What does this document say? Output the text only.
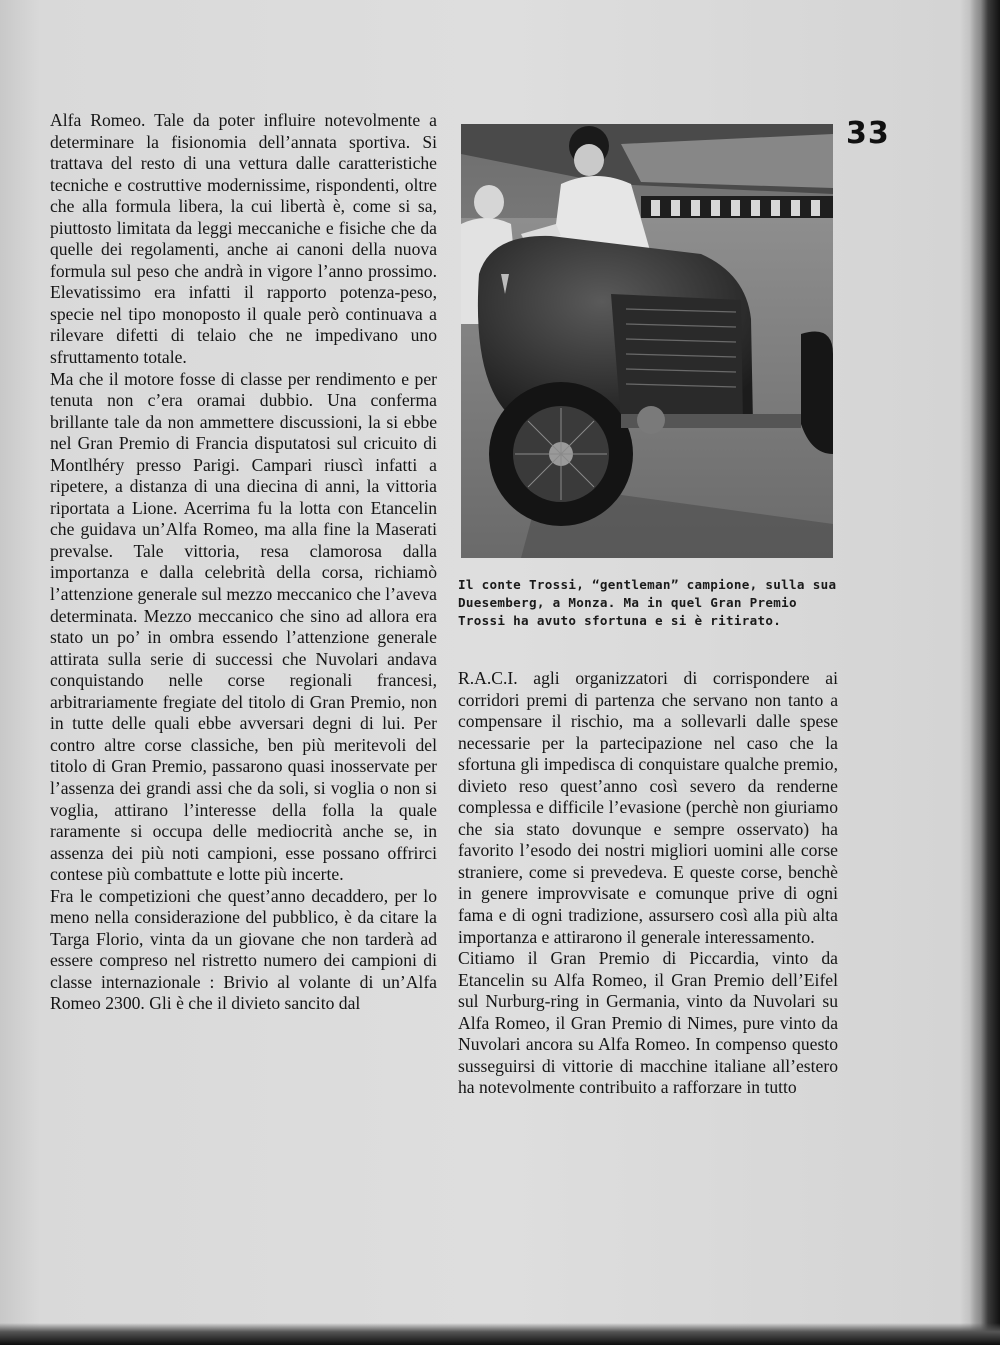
33

Alfa Romeo. Tale da poter influire notevolmente a determinare la fisionomia dell’annata sportiva. Si trattava del resto di una vettura dalle caratteristiche tecniche e costruttive modernissime, rispondenti, oltre che alla formula libera, la cui libertà è, come si sa, piuttosto limitata da leggi meccaniche e fisiche che da quelle dei regolamenti, anche ai canoni della nuova formula sul peso che andrà in vigore l’anno prossimo. Elevatissimo era infatti il rapporto potenza-peso, specie nel tipo monoposto il quale però continuava a rilevare difetti di telaio che ne impedivano uno sfruttamento totale.

Ma che il motore fosse di classe per rendimento e per tenuta non c’era oramai dubbio. Una conferma brillante tale da non ammettere discussioni, la si ebbe nel Gran Premio di Francia disputatosi sul cricuito di Montlhéry presso Parigi. Campari riuscì infatti a ripetere, a distanza di una diecina di anni, la vittoria riportata a Lione. Acerrima fu la lotta con Etancelin che guidava un’Alfa Romeo, ma alla fine la Maserati prevalse. Tale vittoria, resa clamorosa dalla importanza e dalla celebrità della corsa, richiamò l’attenzione generale sul mezzo meccanico che l’aveva determinata. Mezzo meccanico che sino ad allora era stato un po’ in ombra essendo l’attenzione generale attirata sulla serie di successi che Nuvolari andava conquistando nelle corse regionali francesi, arbitrariamente fregiate del titolo di Gran Premio, non in tutte delle quali ebbe avversari degni di lui. Per contro altre corse classiche, ben più meritevoli del titolo di Gran Premio, passarono quasi inosservate per l’assenza dei grandi assi che da soli, si voglia o non si voglia, attirano l’interesse della folla la quale raramente si occupa delle mediocrità anche se, in assenza dei più noti campioni, esse possano offrirci contese più combattute e lotte più incerte.

Fra le competizioni che quest’anno decaddero, per lo meno nella considerazione del pubblico, è da citare la Targa Florio, vinta da un giovane che non tarderà ad essere compreso nel ristretto numero dei campioni di classe internazionale : Brivio al volante di un’Alfa Romeo 2300. Gli è che il divieto sancito dal

Il conte Trossi, “gentleman” campione, sulla sua Duesemberg, a Monza. Ma in quel Gran Premio Trossi ha avuto sfortuna e si è ritirato.

R.A.C.I. agli organizzatori di corrispondere ai corridori premi di partenza che servano non tanto a compensare il rischio, ma a sollevarli dalle spese necessarie per la partecipazione nel caso che la sfortuna gli impedisca di conquistare qualche premio, divieto reso quest’anno così severo da renderne complessa e difficile l’evasione (perchè non giuriamo che sia stato dovunque e sempre osservato) ha favorito l’esodo dei nostri migliori uomini alle corse straniere, come si prevedeva. E queste corse, benchè in genere improvvisate e comunque prive di ogni fama e di ogni tradizione, assursero così alla più alta importanza e attirarono il generale interessamento.

Citiamo il Gran Premio di Piccardia, vinto da Etancelin su Alfa Romeo, il Gran Premio dell’Eifel sul Nurburg-ring in Germania, vinto da Nuvolari su Alfa Romeo, il Gran Premio di Nimes, pure vinto da Nuvolari ancora su Alfa Romeo. In compenso questo susseguirsi di vittorie di macchine italiane all’estero ha notevolmente contribuito a rafforzare in tutto
